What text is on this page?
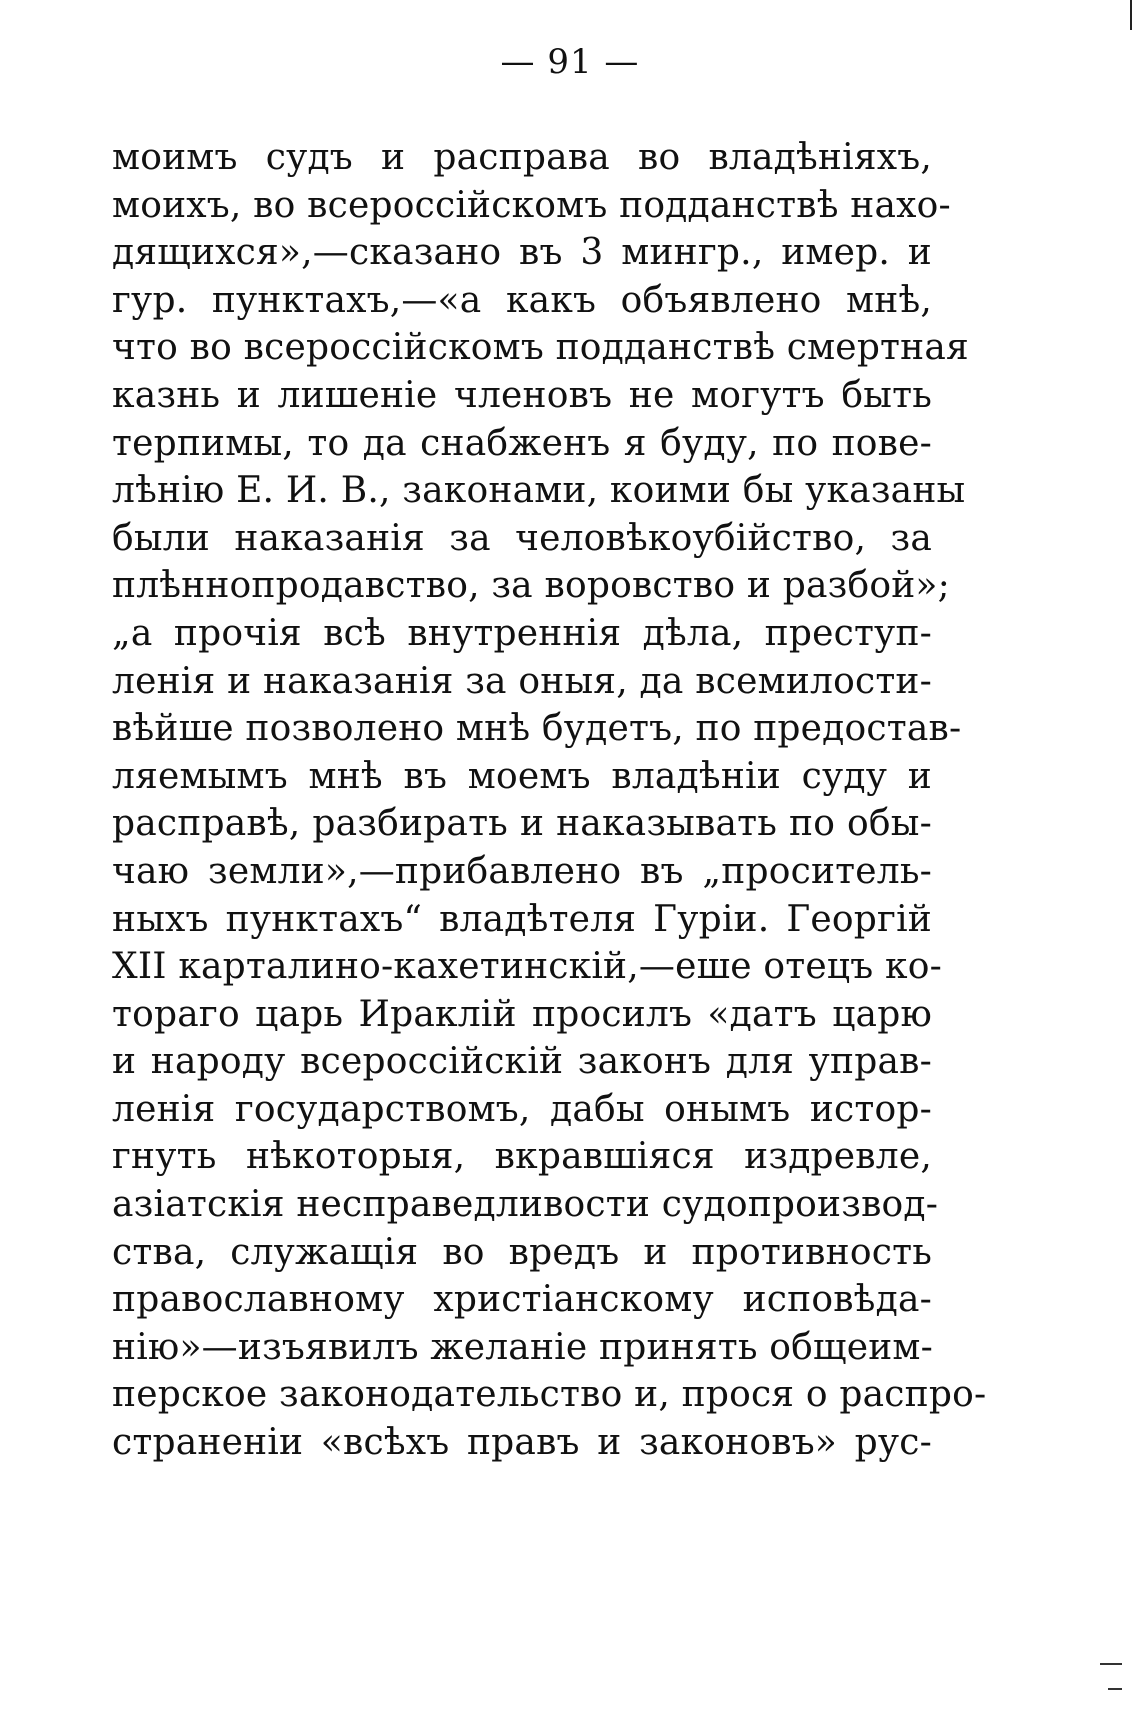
— 91 —
моимъ судъ и расправа во владѣніяхъ,
моихъ, во всероссійскомъ подданствѣ нахо-
дящихся»,—сказано въ 3 мингр., имер. и
гур. пунктахъ,—«а какъ объявлено мнѣ,
что во всероссійскомъ подданствѣ смертная
казнь и лишеніе членовъ не могутъ быть
терпимы, то да снабженъ я буду, по пове-
лѣнію Е. И. В., законами, коими бы указаны
были наказанія за человѣкоубійство, за
плѣннопродавство, за воровство и разбой»;
„а прочія всѣ внутреннія дѣла, преступ-
ленія и наказанія за оныя, да всемилости-
вѣйше позволено мнѣ будетъ, по предостав-
ляемымъ мнѣ въ моемъ владѣніи суду и
расправѣ, разбирать и наказывать по обы-
чаю земли»,—прибавлено въ „проситель-
ныхъ пунктахъ“ владѣтеля Гуріи. Георгій
XII карталино-кахетинскій,—еше отецъ ко-
тораго царь Ираклій просилъ «датъ царю
и народу всероссійскій законъ для управ-
ленія государствомъ, дабы онымъ истор-
гнуть нѣкоторыя, вкравшіяся издревле,
азіатскія несправедливости судопроизвод-
ства, служащія во вредъ и противность
православному христіанскому исповѣда-
нію»—изъявилъ желаніе принять общеим-
перское законодательство и, прося о распро-
страненіи «всѣхъ правъ и законовъ» рус-
